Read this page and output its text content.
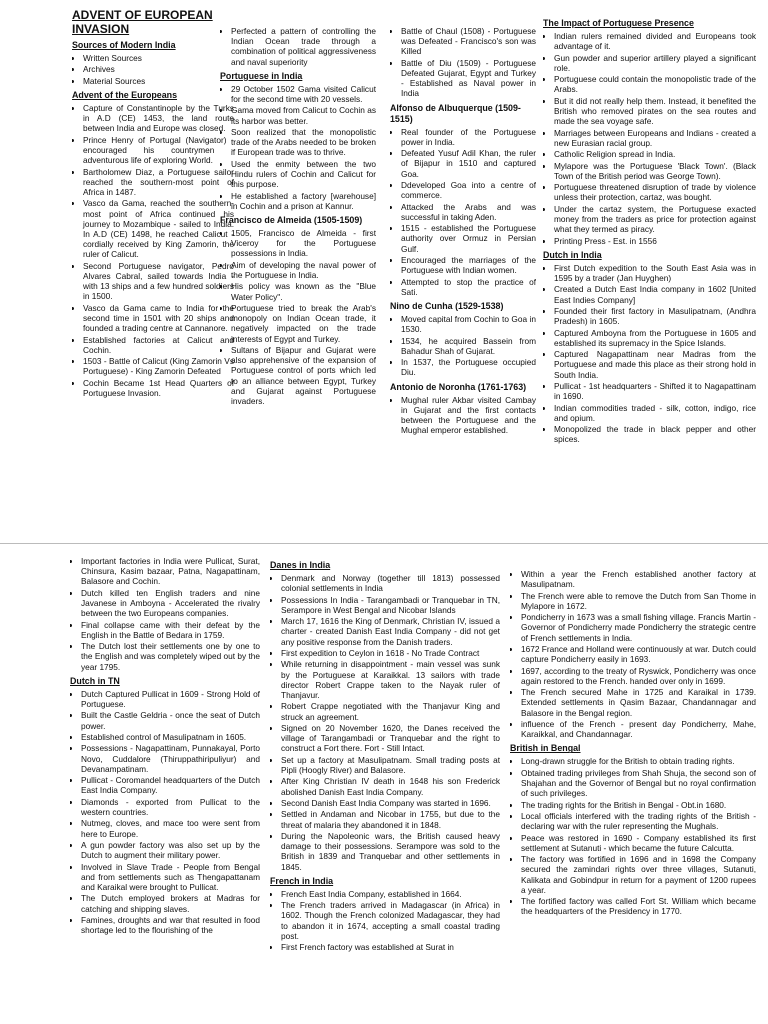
ADVENT OF EUROPEAN INVASION
Sources of Modern India
• Written Sources
• Archives
• Material Sources
Advent of the Europeans
• Capture of Constantinople by the Turks in A.D (CE) 1453, the land route between India and Europe was closed.
• Prince Henry of Portugal (Navigator) - encouraged his countrymen - adventurous life of exploring World.
• Bartholomew Diaz, a Portuguese sailor reached the southern-most point of Africa in 1487.
• Vasco da Gama, reached the southern-most point of Africa continued his journey to Mozambique - sailed to India. In A.D (CE) 1498, he reached Calicut - cordially received by King Zamorin, the ruler of Calicut.
• Second Portuguese navigator, Pedro Alvares Cabral, sailed towards India - with 13 ships and a few hundred soldiers in 1500.
• Vasco da Gama came to India for the second time in 1501 with 20 ships and founded a trading centre at Cannanore.
• Established factories at Calicut and Cochin.
• 1503 - Battle of Calicut (King Zamorin Vs Portuguese) - King Zamorin Defeated
• Cochin Became 1st Head Quarters of Portuguese Invasion.
• Perfected a pattern of controlling the Indian Ocean trade through a combination of political aggressiveness and naval superiority
Portuguese in India
• 29 October 1502 Gama visited Calicut for the second time with 20 vessels.
• Gama moved from Calicut to Cochin as its harbor was better.
• Soon realized that the monopolistic trade of the Arabs needed to be broken if European trade was to thrive.
• Used the enmity between the two Hindu rulers of Cochin and Calicut for this purpose.
• He established a factory [warehouse] in Cochin and a prison at Kannur.
Francisco de Almeida (1505-1509)
• 1505, Francisco de Almeida - first Viceroy for the Portuguese possessions in India.
• Aim of developing the naval power of the Portuguese in India.
• His policy was known as the "Blue Water Policy".
• Portuguese tried to break the Arab's monopoly on Indian Ocean trade, it negatively impacted on the trade interests of Egypt and Turkey.
• Sultans of Bijapur and Gujarat were also apprehensive of the expansion of Portuguese control of ports which led to an alliance between Egypt, Turkey and Gujarat against Portuguese invaders.
• Battle of Chaul (1508) - Portuguese was Defeated - Francisco's son was Killed
• Battle of Diu (1509) - Portuguese Defeated Gujarat, Egypt and Turkey - Established as Naval power in India
Alfonso de Albuquerque (1509-1515)
• Real founder of the Portuguese power in India.
• Defeated Yusuf Adil Khan, the ruler of Bijapur in 1510 and captured Goa.
• Ddeveloped Goa into a centre of commerce.
• Attacked the Arabs and was successful in taking Aden.
• 1515 - established the Portuguese authority over Ormuz in Persian Gulf.
• Encouraged the marriages of the Portuguese with Indian women.
• Attempted to stop the practice of Sati.
Nino de Cunha (1529-1538)
• Moved capital from Cochin to Goa in 1530.
• 1534, he acquired Bassein from Bahadur Shah of Gujarat.
• In 1537, the Portuguese occupied Diu.
Antonio de Noronha (1761-1763)
• Mughal ruler Akbar visited Cambay in Gujarat and the first contacts between the Portuguese and the Mughal emperor established.
The Impact of Portuguese Presence
• Indian rulers remained divided and Europeans took advantage of it.
• Gun powder and superior artillery played a significant role.
• Portuguese could contain the monopolistic trade of the Arabs.
• But it did not really help them. Instead, it benefited the British who removed pirates on the sea routes and made the sea voyage safe.
• Marriages between Europeans and Indians - created a new Eurasian racial group.
• Catholic Religion spread in India.
• Mylapore was the Portuguese 'Black Town'. (Black Town of the British period was George Town).
• Portuguese threatened disruption of trade by violence unless their protection, cartaz, was bought.
• Under the cartaz system, the Portuguese exacted money from the traders as price for protection against what they termed as piracy.
• Printing Press - Est. in 1556
Dutch in India
• First Dutch expedition to the South East Asia was in 1595 by a trader (Jan Huyghen)
• Created a Dutch East India company in 1602 [United East Indies Company]
• Founded their first factory in Masulipatnam, (Andhra Pradesh) in 1605.
• Captured Amboyna from the Portuguese in 1605 and established its supremacy in the Spice Islands.
• Captured Nagapattinam near Madras from the Portuguese and made this place as their strong hold in South India.
• Pullicat - 1st headquarters - Shifted it to Nagapattinam in 1690.
• Indian commodities traded - silk, cotton, indigo, rice and opium.
• Monopolized the trade in black pepper and other spices.
• Important factories in India were Pullicat, Surat, Chinsura, Kasim bazaar, Patna, Nagapattinam, Balasore and Cochin.
• Dutch killed ten English traders and nine Javanese in Amboyna - Accelerated the rivalry between the two Europeans companies.
• Final collapse came with their defeat by the English in the Battle of Bedara in 1759.
• The Dutch lost their settlements one by one to the English and was completely wiped out by the year 1795.
Dutch in TN
• Dutch Captured Pullicat in 1609 - Strong Hold of Portuguese.
• Built the Castle Geldria - once the seat of Dutch power.
• Established control of Masulipatnam in 1605.
• Possessions - Nagapattinam, Punnakayal, Porto Novo, Cuddalore (Thiruppathiripuliyur) and Devanampatinam.
• Pullicat - Coromandel headquarters of the Dutch East India Company.
• Diamonds - exported from Pullicat to the western countries.
• Nutmeg, cloves, and mace too were sent from here to Europe.
• A gun powder factory was also set up by the Dutch to augment their military power.
• Involved in Slave Trade - People from Bengal and from settlements such as Thengapattanam and Karaikal were brought to Pullicat.
• The Dutch employed brokers at Madras for catching and shipping slaves.
• Famines, droughts and war that resulted in food shortage led to the flourishing of the
Danes in India
• Denmark and Norway (together till 1813) possessed colonial settlements in India
• Possessions In India - Tarangambadi or Tranquebar in TN, Serampore in West Bengal and Nicobar Islands
• March 17, 1616 the King of Denmark, Christian IV, issued a charter - created Danish East India Company - did not get any positive response from the Danish traders.
• First expedition to Ceylon in 1618 - No Trade Contract
• While returning in disappointment - main vessel was sunk by the Portuguese at Karaikkal. 13 sailors with trade director Robert Crappe taken to the Nayak ruler of Thanjavur.
• Robert Crappe negotiated with the Thanjavur King and struck an agreement.
• Signed on 20 November 1620, the Danes received the village of Tarangambadi or Tranquebar and the right to construct a Fort there. Fort - Still Intact.
• Set up a factory at Masulipatnam. Small trading posts at Pipli (Hoogly River) and Balasore.
• After King Christian IV death in 1648 his son Frederick abolished Danish East India Company.
• Second Danish East India Company was started in 1696.
• Settled in Andaman and Nicobar in 1755, but due to the threat of malaria they abandoned it in 1848.
• During the Napoleonic wars, the British caused heavy damage to their possessions. Serampore was sold to the British in 1839 and Tranquebar and other settlements in 1845.
French in India
• French East India Company, established in 1664.
• The French traders arrived in Madagascar (in Africa) in 1602. Though the French colonized Madagascar, they had to abandon it in 1674, accepting a small coastal trading post.
• First French factory was established at Surat in
• Within a year the French established another factory at Masulipatnam.
• The French were able to remove the Dutch from San Thome in Mylapore in 1672.
• Pondicherry in 1673 was a small fishing village. Francis Martin - Governor of Pondicherry made Pondicherry the strategic centre of French settlements in India.
• 1672 France and Holland were continuously at war. Dutch could capture Pondicherry easily in 1693.
• 1697, according to the treaty of Ryswick, Pondicherry was once again restored to the French. handed over only in 1699.
• The French secured Mahe in 1725 and Karaikal in 1739. Extended settlements in Qasim Bazaar, Chandannagar and Balasore in the Bengal region.
• influence of the French - present day Pondicherry, Mahe, Karaikkal, and Chandannagar.
British in Bengal
• Long-drawn struggle for the British to obtain trading rights.
• Obtained trading privileges from Shah Shuja, the second son of Shajahan and the Governor of Bengal but no royal confirmation of such privileges.
• The trading rights for the British in Bengal - Obt.in 1680.
• Local officials interfered with the trading rights of the British - declaring war with the ruler representing the Mughals.
• Peace was restored in 1690 - Company established its first settlement at Sutanuti - which became the future Calcutta.
• The factory was fortified in 1696 and in 1698 the Company secured the zamindari rights over three villages, Sutanuti, Kalikata and Gobindpur in return for a payment of 1200 rupees a year.
• The fortified factory was called Fort St. William which became the headquarters of the Presidency in 1770.
